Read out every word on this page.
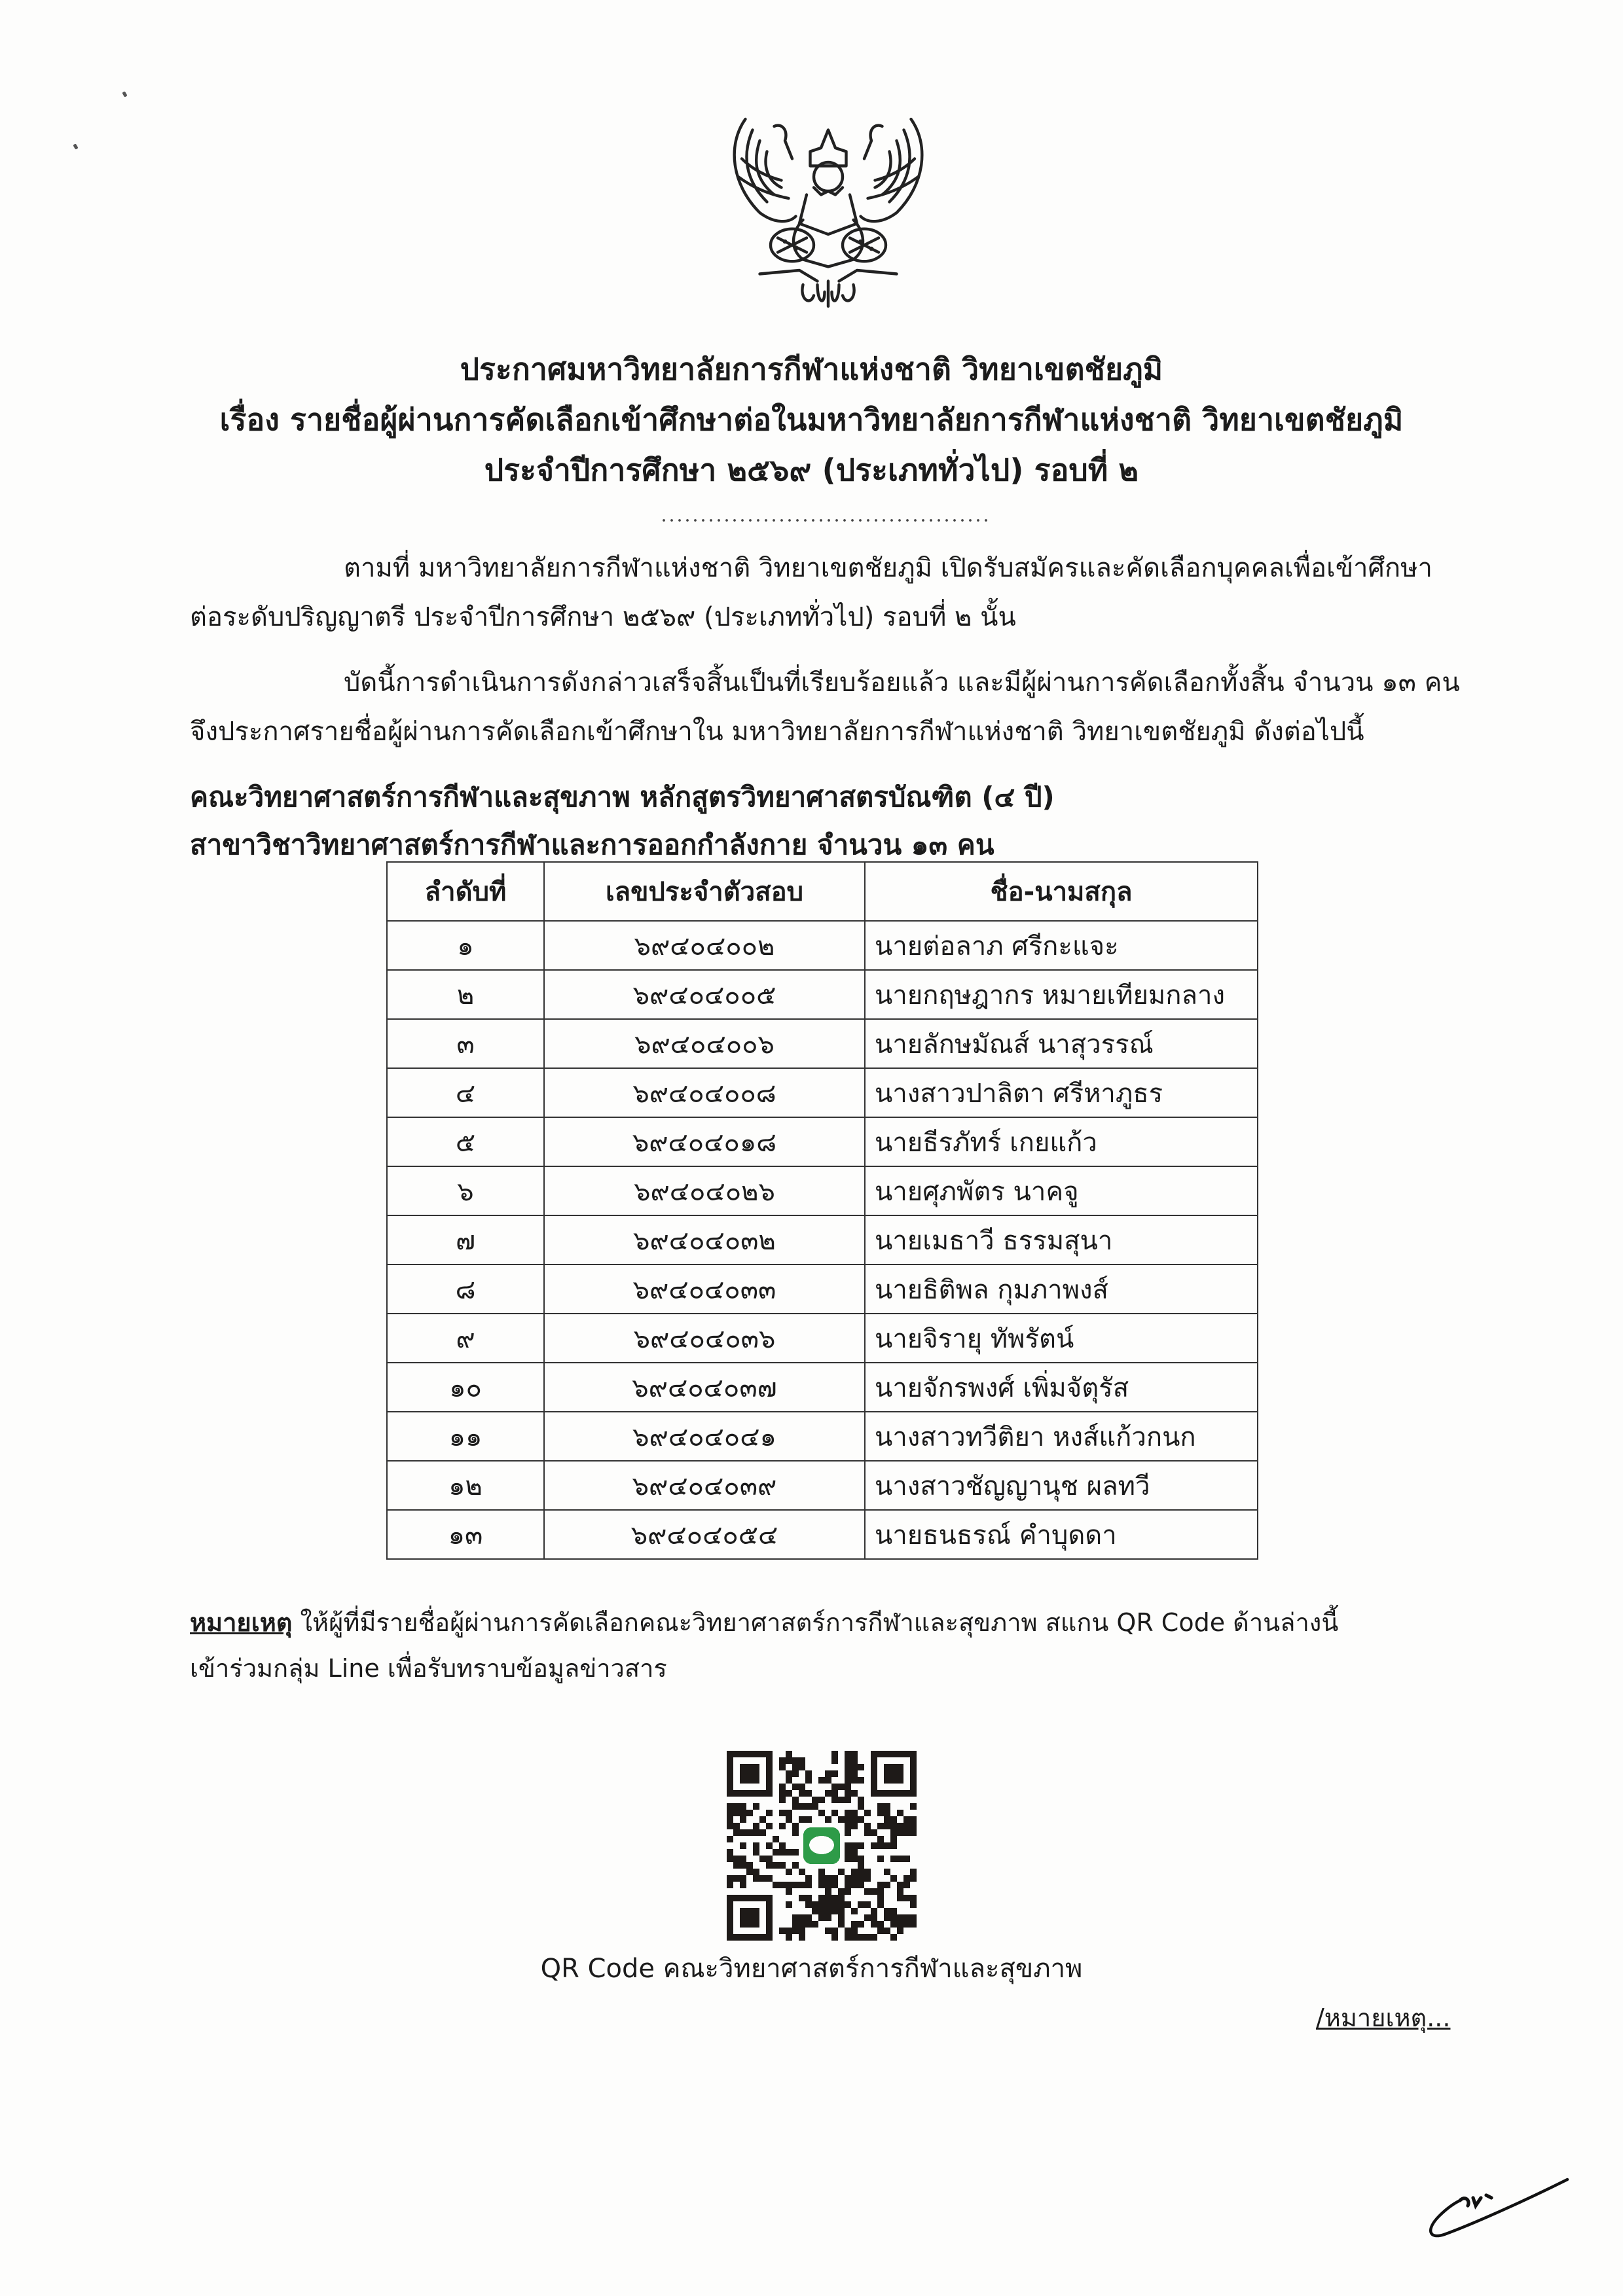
ประกาศมหาวิทยาลัยการกีฬาแห่งชาติ วิทยาเขตชัยภูมิ
เรื่อง รายชื่อผู้ผ่านการคัดเลือกเข้าศึกษาต่อในมหาวิทยาลัยการกีฬาแห่งชาติ วิทยาเขตชัยภูมิ
ประจำปีการศึกษา ๒๕๖๙ (ประเภททั่วไป) รอบที่ ๒
ตามที่ มหาวิทยาลัยการกีฬาแห่งชาติ วิทยาเขตชัยภูมิ เปิดรับสมัครและคัดเลือกบุคคลเพื่อเข้าศึกษา
ต่อระดับปริญญาตรี ประจำปีการศึกษา ๒๕๖๙ (ประเภททั่วไป) รอบที่ ๒ นั้น
บัดนี้การดำเนินการดังกล่าวเสร็จสิ้นเป็นที่เรียบร้อยแล้ว และมีผู้ผ่านการคัดเลือกทั้งสิ้น จำนวน ๑๓ คน
จึงประกาศรายชื่อผู้ผ่านการคัดเลือกเข้าศึกษาใน มหาวิทยาลัยการกีฬาแห่งชาติ วิทยาเขตชัยภูมิ ดังต่อไปนี้
คณะวิทยาศาสตร์การกีฬาและสุขภาพ หลักสูตรวิทยาศาสตรบัณฑิต (๔ ปี)
สาขาวิชาวิทยาศาสตร์การกีฬาและการออกกำลังกาย จำนวน ๑๓ คน
ลำดับที่	เลขประจำตัวสอบ	ชื่อ-นามสกุล
๑	๖๙๔๐๔๐๐๒	นายต่อลาภ ศรีกะแจะ
๒	๖๙๔๐๔๐๐๕	นายกฤษฎากร หมายเทียมกลาง
๓	๖๙๔๐๔๐๐๖	นายลักษมัณส์ นาสุวรรณ์
๔	๖๙๔๐๔๐๐๘	นางสาวปาลิตา ศรีหาภูธร
๕	๖๙๔๐๔๐๑๘	นายธีรภัทร์ เกยแก้ว
๖	๖๙๔๐๔๐๒๖	นายศุภพัตร นาคจู
๗	๖๙๔๐๔๐๓๒	นายเมธาวี ธรรมสุนา
๘	๖๙๔๐๔๐๓๓	นายธิติพล กุมภาพงส์
๙	๖๙๔๐๔๐๓๖	นายจิรายุ ทัพรัตน์
๑๐	๖๙๔๐๔๐๓๗	นายจักรพงศ์ เพิ่มจัตุรัส
๑๑	๖๙๔๐๔๐๔๑	นางสาวทวีติยา หงส์แก้วกนก
๑๒	๖๙๔๐๔๐๓๙	นางสาวชัญญานุช ผลทวี
๑๓	๖๙๔๐๔๐๕๔	นายธนธรณ์ คำบุดดา
หมายเหตุ ให้ผู้ที่มีรายชื่อผู้ผ่านการคัดเลือกคณะวิทยาศาสตร์การกีฬาและสุขภาพ สแกน QR Code ด้านล่างนี้
เข้าร่วมกลุ่ม Line เพื่อรับทราบข้อมูลข่าวสาร
QR Code คณะวิทยาศาสตร์การกีฬาและสุขภาพ
/หมายเหตุ...
